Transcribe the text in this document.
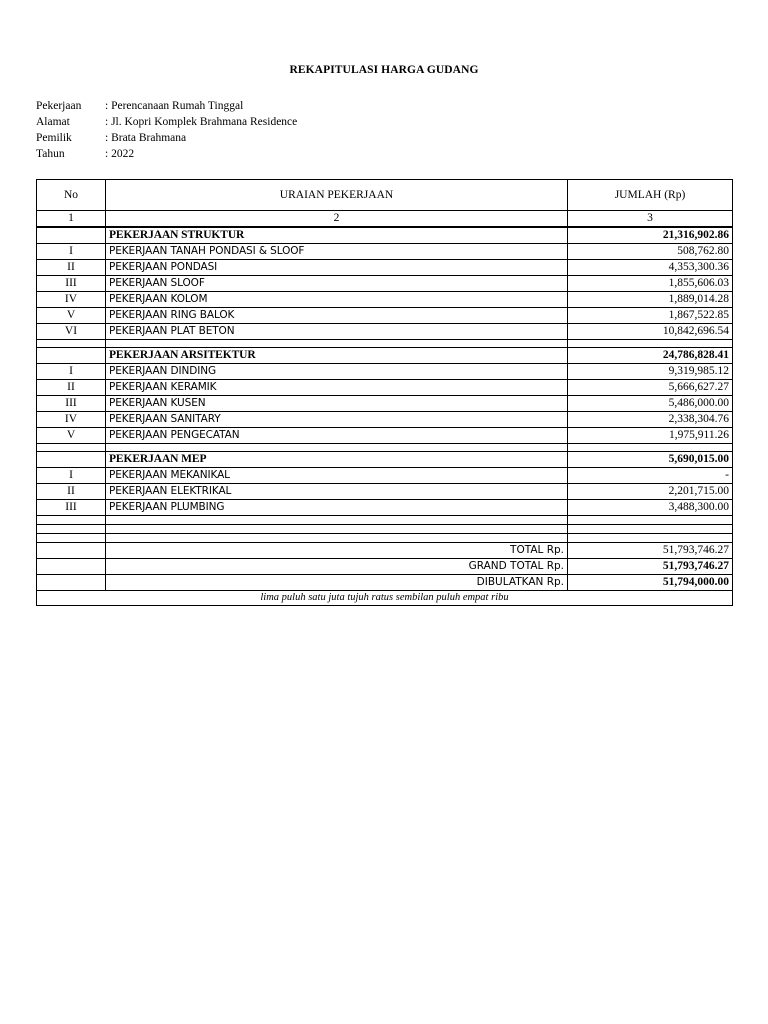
REKAPITULASI HARGA GUDANG
Pekerjaan	: Perencanaan Rumah Tinggal
Alamat	: Jl. Kopri Komplek Brahmana Residence
Pemilik	: Brata Brahmana
Tahun	: 2022
No	URAIAN PEKERJAAN	JUMLAH (Rp)
1	2	3
	PEKERJAAN STRUKTUR	21,316,902.86
I	PEKERJAAN TANAH PONDASI & SLOOF	508,762.80
II	PEKERJAAN PONDASI	4,353,300.36
III	PEKERJAAN SLOOF	1,855,606.03
IV	PEKERJAAN KOLOM	1,889,014.28
V	PEKERJAAN RING BALOK	1,867,522.85
VI	PEKERJAAN PLAT BETON	10,842,696.54

	PEKERJAAN ARSITEKTUR	24,786,828.41
I	PEKERJAAN DINDING	9,319,985.12
II	PEKERJAAN KERAMIK	5,666,627.27
III	PEKERJAAN KUSEN	5,486,000.00
IV	PEKERJAAN SANITARY	2,338,304.76
V	PEKERJAAN PENGECATAN	1,975,911.26

	PEKERJAAN MEP	5,690,015.00
I	PEKERJAAN MEKANIKAL	-
II	PEKERJAAN ELEKTRIKAL	2,201,715.00
III	PEKERJAAN PLUMBING	3,488,300.00

	TOTAL Rp.	51,793,746.27
	GRAND TOTAL Rp.	51,793,746.27
	DIBULATKAN Rp.	51,794,000.00
lima puluh satu juta tujuh ratus sembilan puluh empat ribu		
